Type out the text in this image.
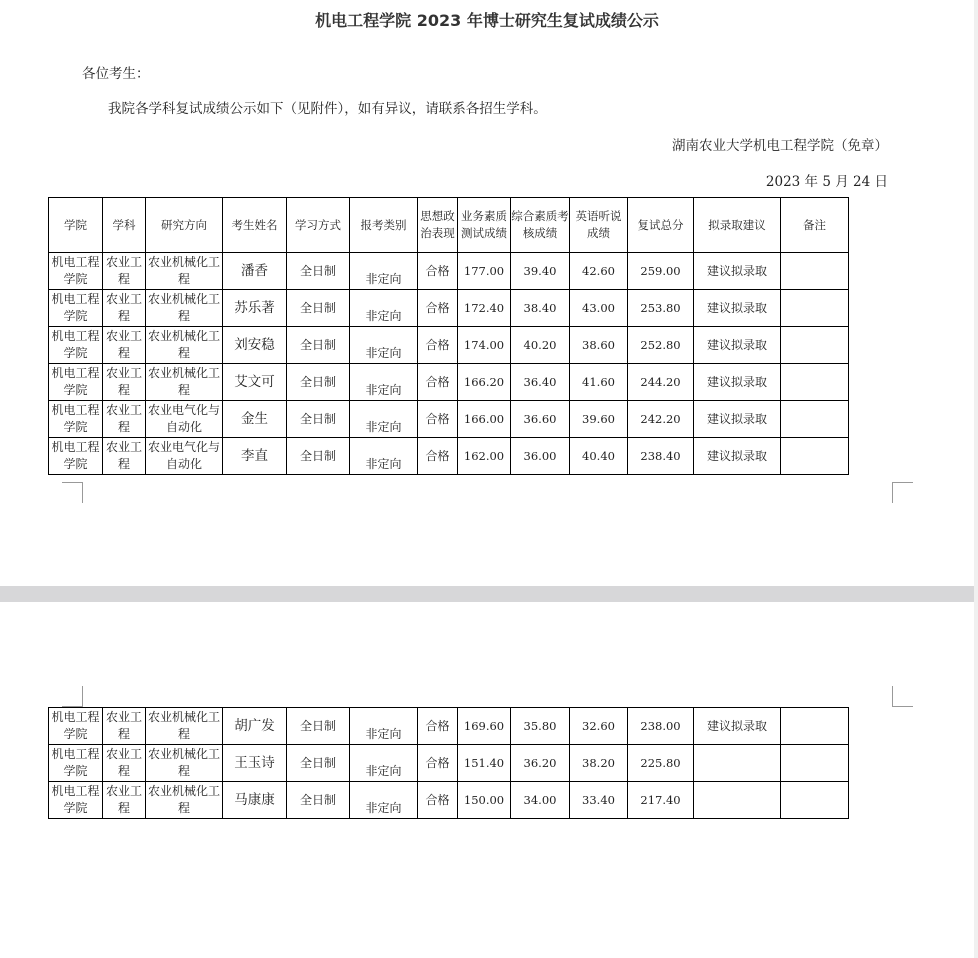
机电工程学院 2023 年博士研究生复试成绩公示
各位考生：
我院各学科复试成绩公示如下（见附件），如有异议，请联系各招生学科。
湖南农业大学机电工程学院（免章）
2023 年 5 月 24 日
学院	学科	研究方向	考生姓名	学习方式	报考类别	思想政治表现	业务素质测试成绩	综合素质考核成绩	英语听说成绩	复试总分	拟录取建议	备注
机电工程学院	农业工程	农业机械化工程	潘香	全日制	非定向	合格	177.00	39.40	42.60	259.00	建议拟录取	
机电工程学院	农业工程	农业机械化工程	苏乐著	全日制	非定向	合格	172.40	38.40	43.00	253.80	建议拟录取	
机电工程学院	农业工程	农业机械化工程	刘安稳	全日制	非定向	合格	174.00	40.20	38.60	252.80	建议拟录取	
机电工程学院	农业工程	农业机械化工程	艾文可	全日制	非定向	合格	166.20	36.40	41.60	244.20	建议拟录取	
机电工程学院	农业工程	农业电气化与自动化	金生	全日制	非定向	合格	166.00	36.60	39.60	242.20	建议拟录取	
机电工程学院	农业工程	农业电气化与自动化	李直	全日制	非定向	合格	162.00	36.00	40.40	238.40	建议拟录取	
机电工程学院	农业工程	农业机械化工程	胡广发	全日制	非定向	合格	169.60	35.80	32.60	238.00	建议拟录取	
机电工程学院	农业工程	农业机械化工程	王玉诗	全日制	非定向	合格	151.40	36.20	38.20	225.80		
机电工程学院	农业工程	农业机械化工程	马康康	全日制	非定向	合格	150.00	34.00	33.40	217.40		
